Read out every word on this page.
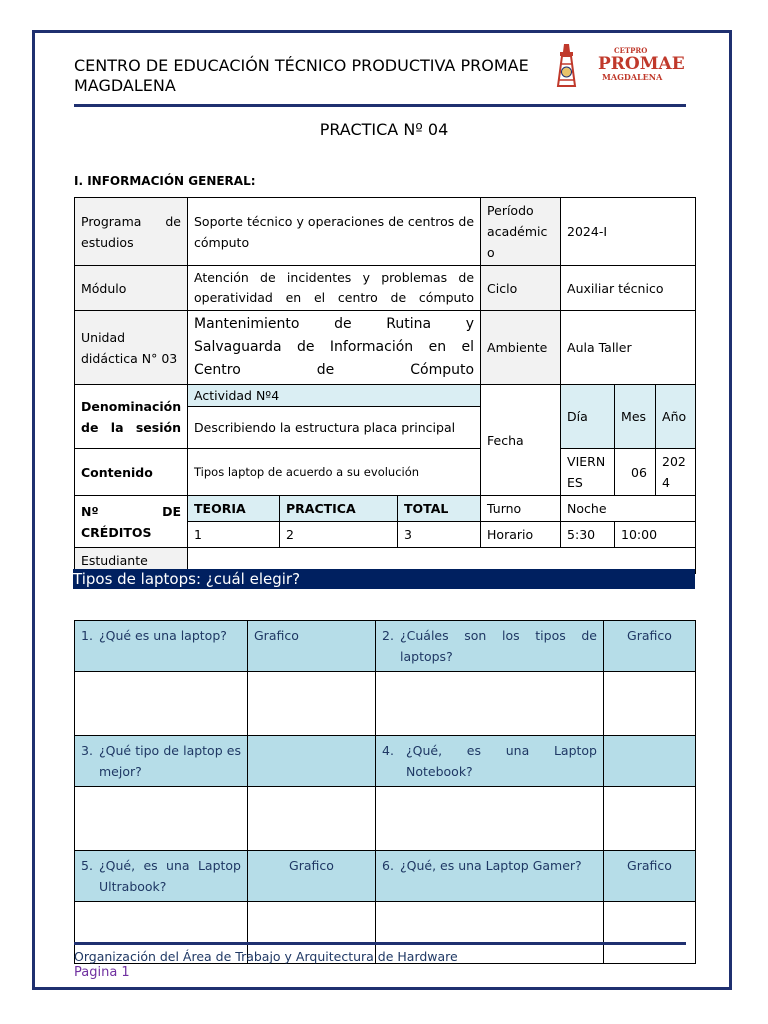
CENTRO DE EDUCACIÓN TÉCNICO PRODUCTIVA PROMAE MAGDALENA
CETPRO
PROMAE
MAGDALENA
PRACTICA Nº 04
I. INFORMACIÓN GENERAL:
Programa de estudios	Soporte técnico y operaciones de centros de cómputo			Período académic o	2024-I		
Módulo	Atención de incidentes y problemas de operatividad en el centro de cómputo			Ciclo	Auxiliar técnico		
Unidad didáctica N° 03	Mantenimiento de Rutina y Salvaguarda de Información en el Centro de Cómputo			Ambiente	Aula Taller		
Denominación de la sesión	Actividad Nº4			Fecha	Día	Mes	Año
	Describiendo la estructura placa principal						
Contenido	Tipos laptop de acuerdo a su evolución				VIERNES	06	2024
Nº DE CRÉDITOS	TEORIA	PRACTICA	TOTAL	Turno	Noche		
	1	2	3	Horario	5:30	10:00	
Estudiante							
Tipos de laptops: ¿cuál elegir?
1. ¿Qué es una laptop?	Grafico	2. ¿Cuáles son los tipos de laptops?	Grafico

3. ¿Qué tipo de laptop es mejor?		4. ¿Qué, es una Laptop Notebook?	

5. ¿Qué, es una Laptop Ultrabook?	Grafico	6. ¿Qué, es una Laptop Gamer?	Grafico

Organización del Área de Trabajo y Arquitectura de Hardware
Pagina 1
